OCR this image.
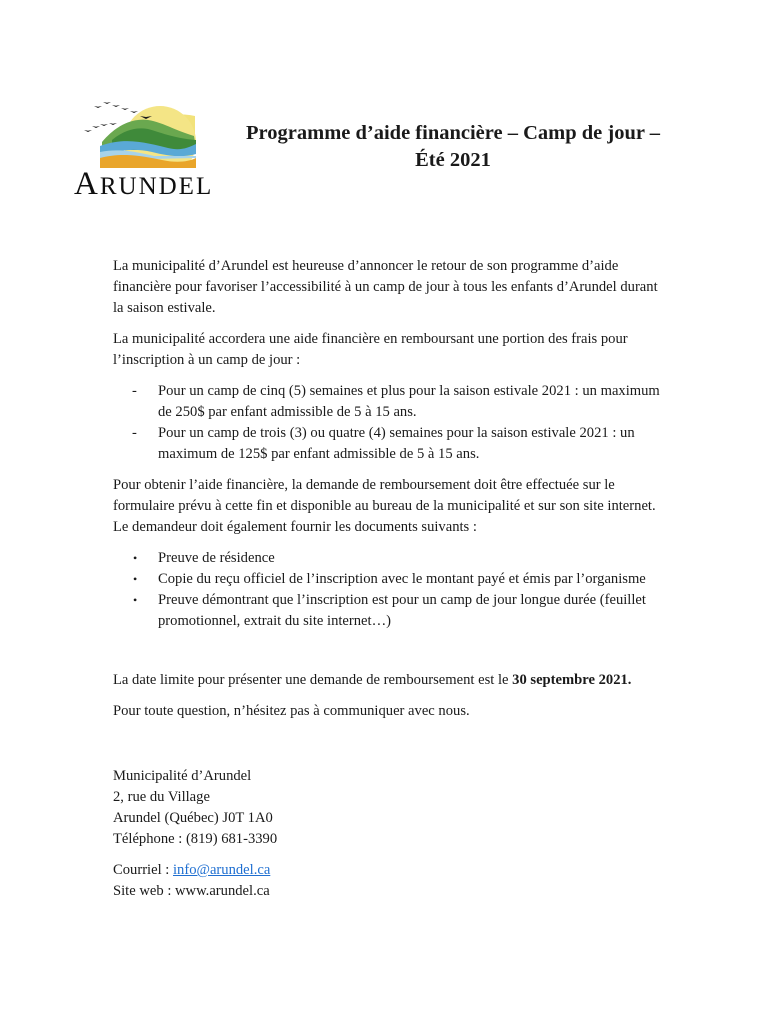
ARUNDEL
Programme d’aide financière – Camp de jour –
Été 2021

La municipalité d’Arundel est heureuse d’annoncer le retour de son programme d’aide financière pour favoriser l’accessibilité à un camp de jour à tous les enfants d’Arundel durant la saison estivale.

La municipalité accordera une aide financière en remboursant une portion des frais pour l’inscription à un camp de jour :

- Pour un camp de cinq (5) semaines et plus pour la saison estivale 2021 : un maximum de 250$ par enfant admissible de 5 à 15 ans.
- Pour un camp de trois (3) ou quatre (4) semaines pour la saison estivale 2021 : un maximum de 125$ par enfant admissible de 5 à 15 ans.

Pour obtenir l’aide financière, la demande de remboursement doit être effectuée sur le formulaire prévu à cette fin et disponible au bureau de la municipalité et sur son site internet. Le demandeur doit également fournir les documents suivants :

• Preuve de résidence
• Copie du reçu officiel de l’inscription avec le montant payé et émis par l’organisme
• Preuve démontrant que l’inscription est pour un camp de jour longue durée (feuillet promotionnel, extrait du site internet…)

La date limite pour présenter une demande de remboursement est le 30 septembre 2021.

Pour toute question, n’hésitez pas à communiquer avec nous.

Municipalité d’Arundel

2, rue du Village

Arundel (Québec) J0T 1A0

Téléphone : (819) 681-3390

Courriel : info@arundel.ca

Site web : www.arundel.ca
